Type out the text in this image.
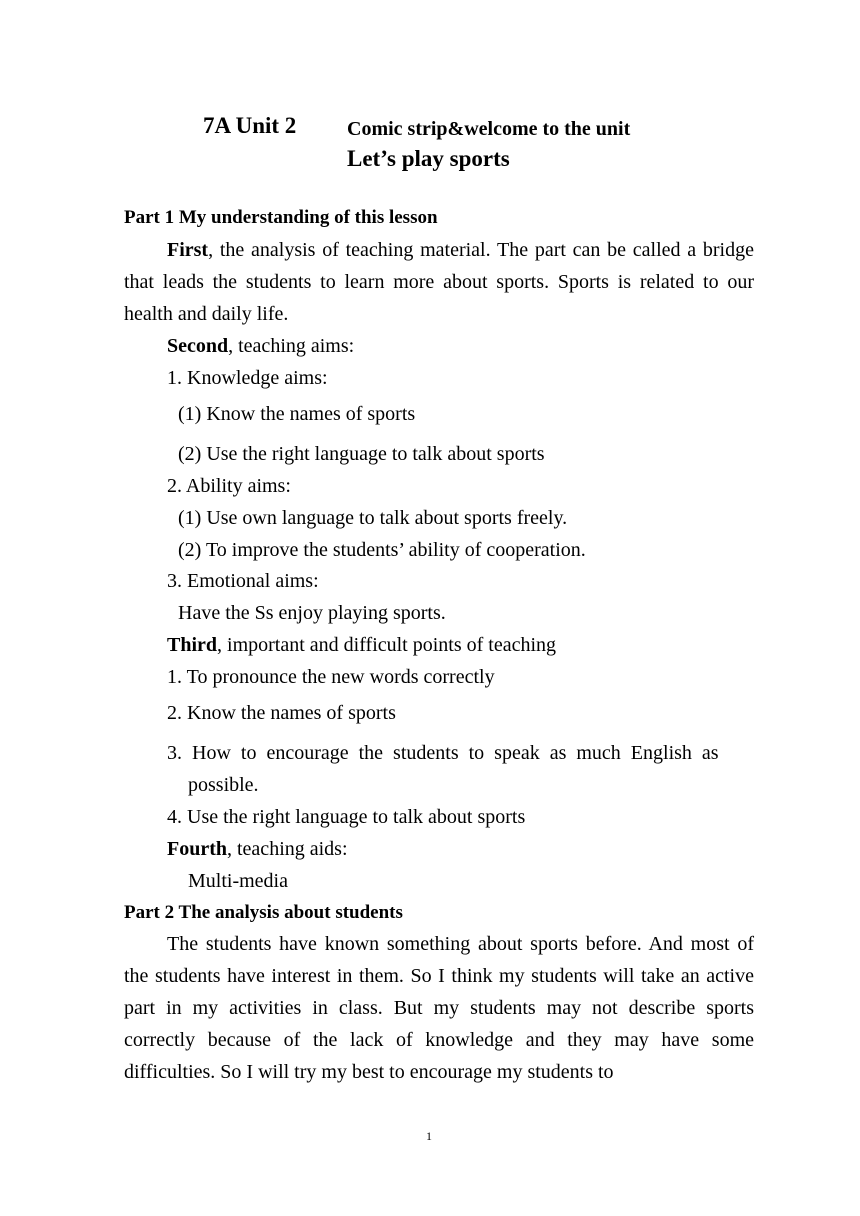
7A Unit 2	Comic strip&welcome to the unit
Let’s play sports
Part 1 My understanding of this lesson
First, the analysis of teaching material. The part can be called a bridge that leads the students to learn more about sports. Sports is related to our health and daily life.
Second, teaching aims:
1. Knowledge aims:
(1) Know the names of sports
(2) Use the right language to talk about sports
2. Ability aims:
(1) Use own language to talk about sports freely.
(2) To improve the students’ ability of cooperation.
3. Emotional aims:
Have the Ss enjoy playing sports.
Third, important and difficult points of teaching
1. To pronounce the new words correctly
2. Know the names of sports
3.  How  to  encourage  the  students  to  speak  as  much  English  as
possible.
4. Use the right language to talk about sports
Fourth, teaching aids:
Multi-media
Part 2 The analysis about students
The students have known something about sports before. And most of the students have interest in them. So I think my students will take an active part in my activities in class. But my students may not describe sports correctly because of the lack of knowledge and they may have some difficulties. So I will try my best to encourage my students to
1
